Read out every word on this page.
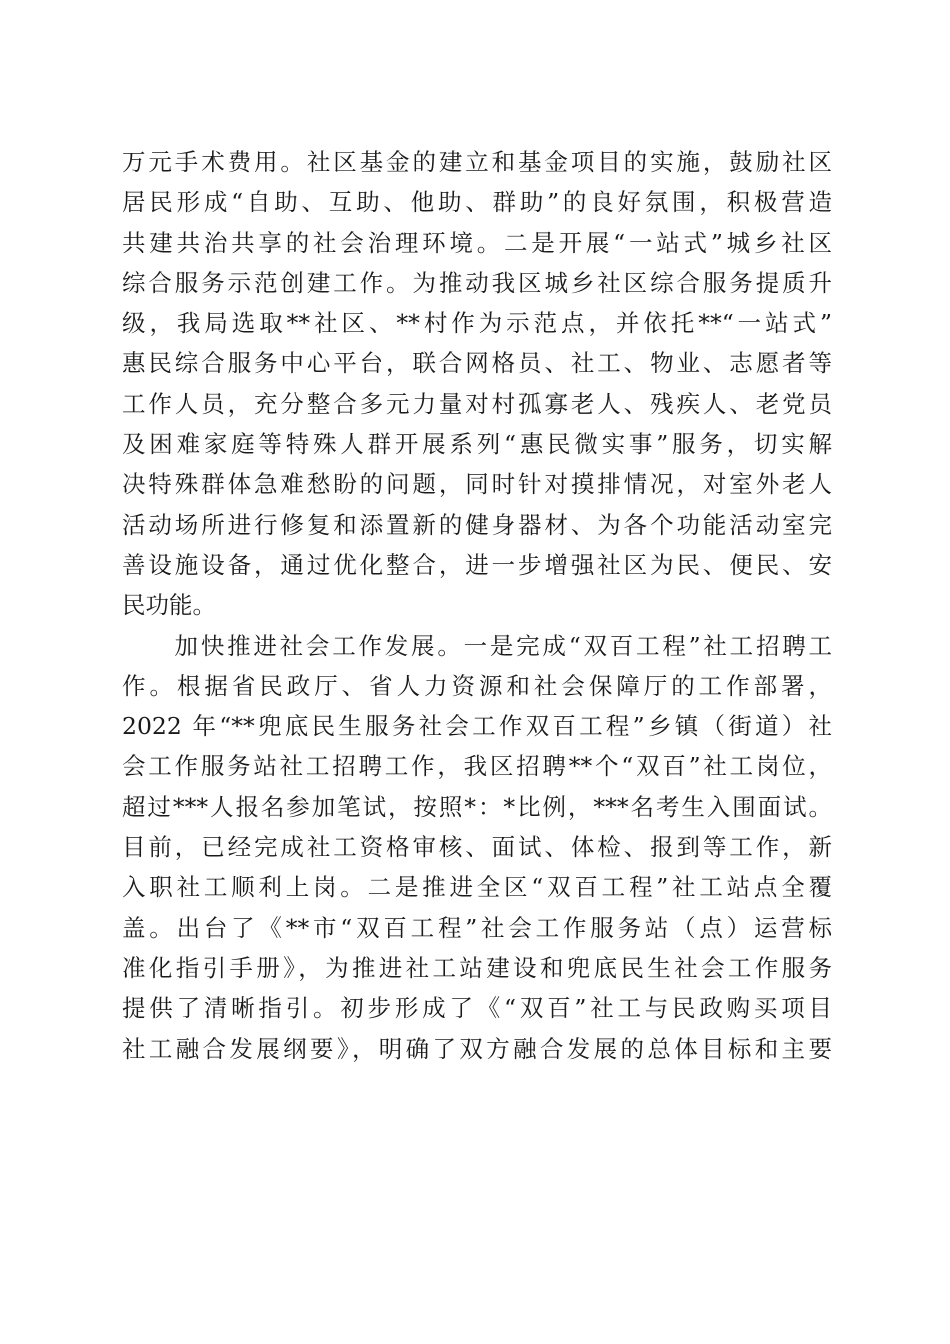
万元手术费用。社区基金的建立和基金项目的实施，鼓励社区
居民形成“自助、互助、他助、群助”的良好氛围，积极营造
共建共治共享的社会治理环境。二是开展“一站式”城乡社区
综合服务示范创建工作。为推动我区城乡社区综合服务提质升
级，我局选取**社区、**村作为示范点，并依托**“一站式”
惠民综合服务中心平台，联合网格员、社工、物业、志愿者等
工作人员，充分整合多元力量对村孤寡老人、残疾人、老党员
及困难家庭等特殊人群开展系列“惠民微实事”服务，切实解
决特殊群体急难愁盼的问题，同时针对摸排情况，对室外老人
活动场所进行修复和添置新的健身器材、为各个功能活动室完
善设施设备，通过优化整合，进一步增强社区为民、便民、安
民功能。
　　加快推进社会工作发展。一是完成“双百工程”社工招聘工
作。根据省民政厅、省人力资源和社会保障厅的工作部署，
2022 年“**兜底民生服务社会工作双百工程”乡镇（街道）社
会工作服务站社工招聘工作，我区招聘**个“双百”社工岗位，
超过***人报名参加笔试，按照*：*比例，***名考生入围面试。
目前，已经完成社工资格审核、面试、体检、报到等工作，新
入职社工顺利上岗。二是推进全区“双百工程”社工站点全覆
盖。出台了《**市“双百工程”社会工作服务站（点）运营标
准化指引手册》，为推进社工站建设和兜底民生社会工作服务
提供了清晰指引。初步形成了《“双百”社工与民政购买项目
社工融合发展纲要》，明确了双方融合发展的总体目标和主要
